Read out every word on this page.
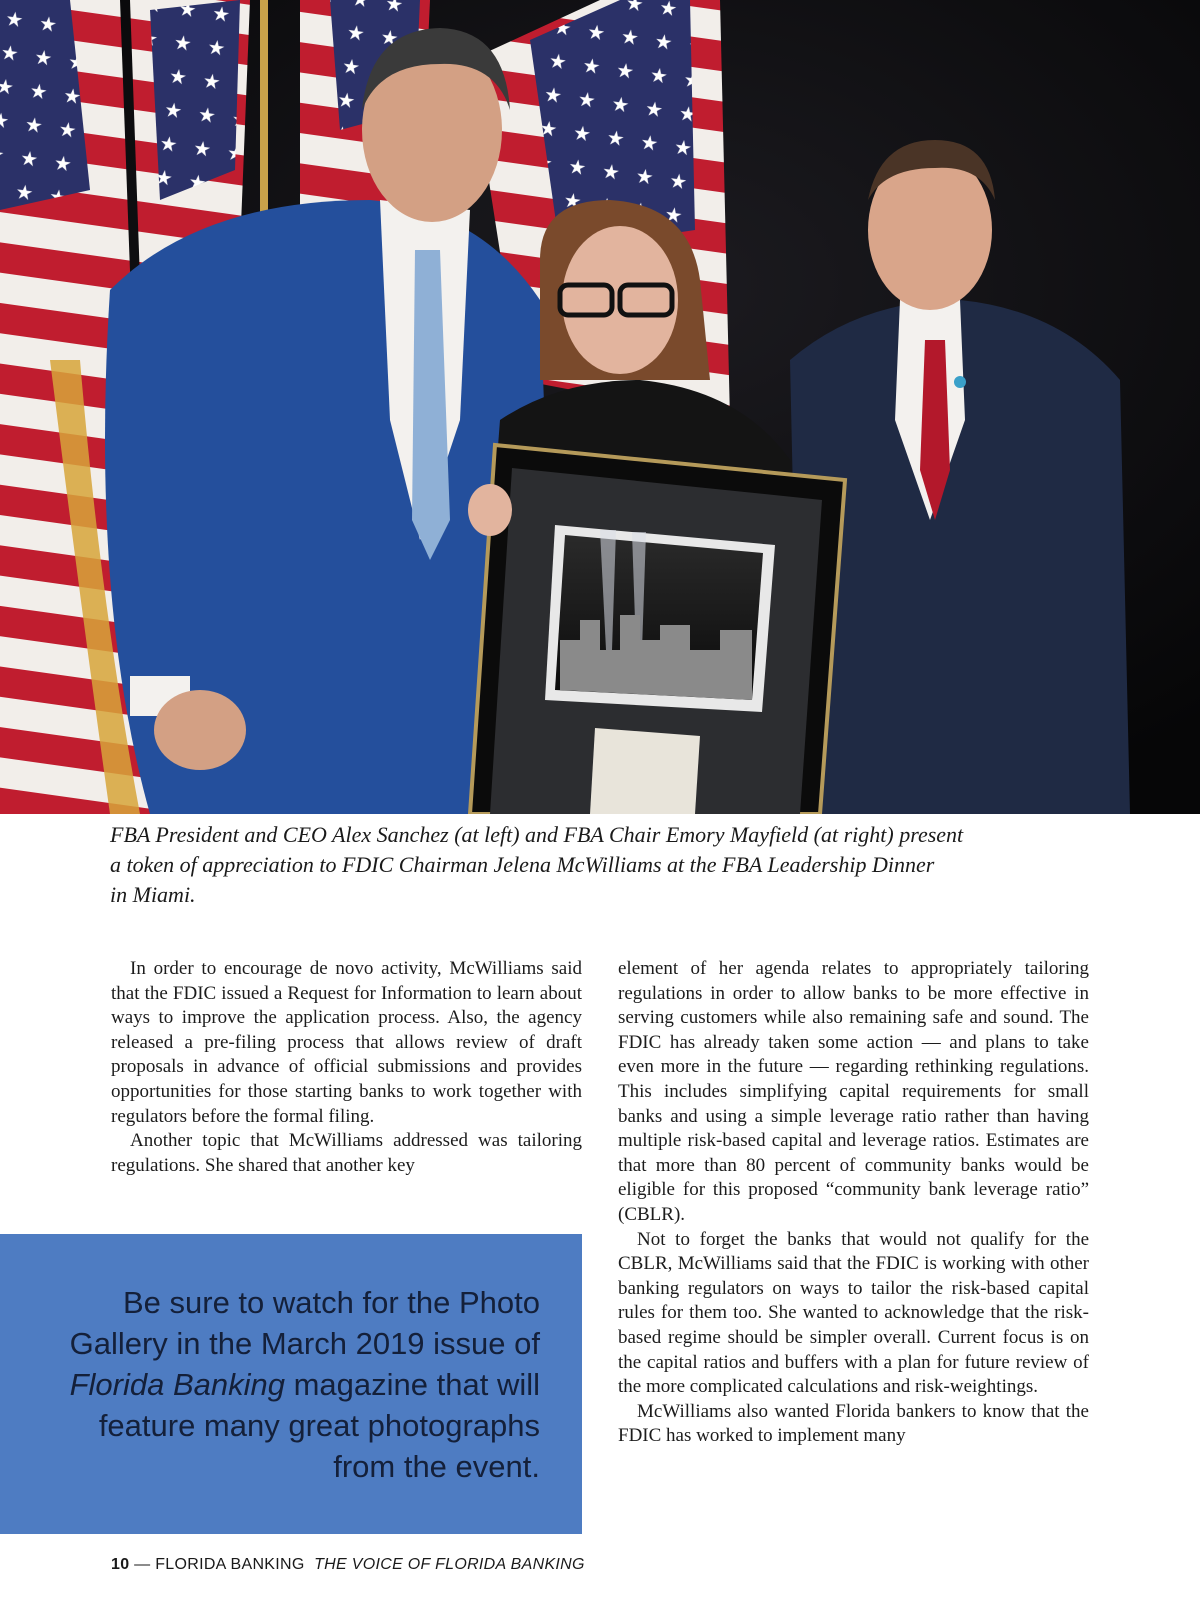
FBA President and CEO Alex Sanchez (at left) and FBA Chair Emory Mayfield (at right) present
a token of appreciation to FDIC Chairman Jelena McWilliams at the FBA Leadership Dinner
in Miami.

In order to encourage de novo activity, McWilliams said that the FDIC issued a Request for Information to learn about ways to improve the application process. Also, the agency released a pre-filing process that allows review of draft proposals in advance of official submissions and provides opportunities for those starting banks to work together with regulators before the formal filing.

Another topic that McWilliams addressed was tailoring regulations. She shared that another key

element of her agenda relates to appropriately tailoring regulations in order to allow banks to be more effective in serving customers while also remaining safe and sound. The FDIC has already taken some action — and plans to take even more in the future — regarding rethinking regulations. This includes simplifying capital requirements for small banks and using a simple leverage ratio rather than having multiple risk-based capital and leverage ratios. Estimates are that more than 80 percent of community banks would be eligible for this proposed “community bank leverage ratio” (CBLR).

Not to forget the banks that would not qualify for the CBLR, McWilliams said that the FDIC is working with other banking regulators on ways to tailor the risk-based capital rules for them too. She wanted to acknowledge that the risk-based regime should be simpler overall. Current focus is on the capital ratios and buffers with a plan for future review of the more complicated calculations and risk-weightings.

McWilliams also wanted Florida bankers to know that the FDIC has worked to implement many

Be sure to watch for the Photo Gallery in the March 2019 issue of Florida Banking magazine that will feature many great photographs from the event.

10 — FLORIDA BANKING  THE VOICE OF FLORIDA BANKING
